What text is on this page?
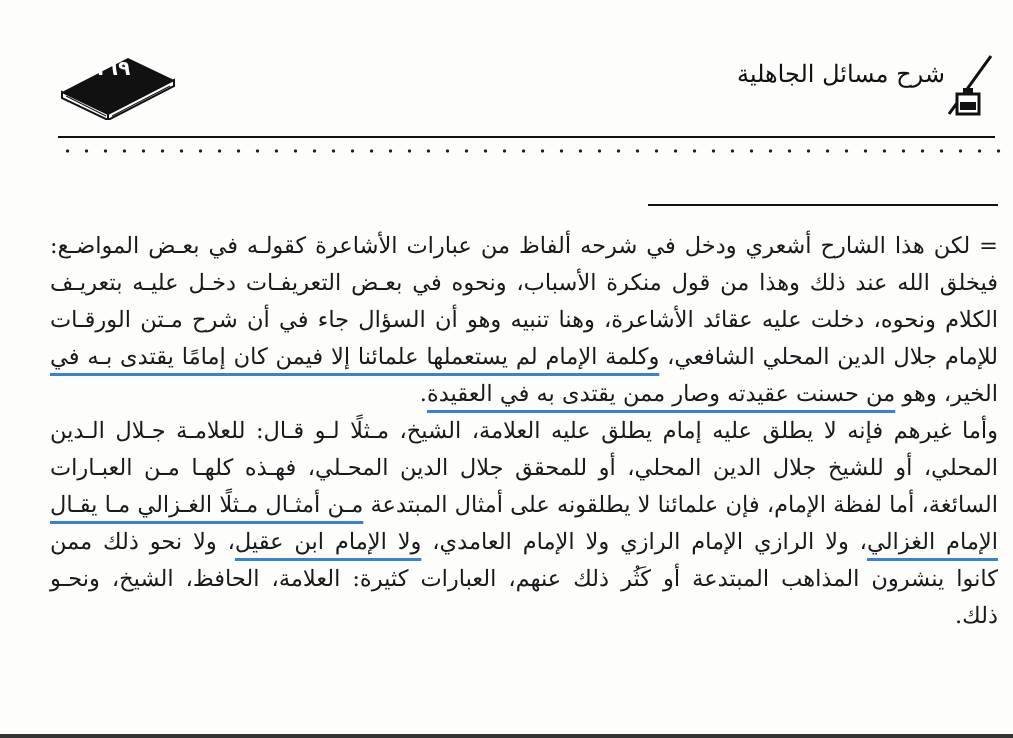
١٦٩	شرح مسائل الجاهلية
= لكن هذا الشارح أشعري ودخل في شرحه ألفاظ من عبارات الأشاعرة كقولـه في بعـض المواضـع:
فيخلق الله عند ذلك وهذا من قول منكرة الأسباب، ونحوه في بعـض التعريفـات دخـل عليـه بتعريـف
الكلام ونحوه، دخلت عليه عقائد الأشاعرة، وهنا تنبيه وهو أن السؤال جاء في أن شرح مـتن الورقـات
للإمام جلال الدين المحلي الشافعي، وكلمة الإمام لم يستعملها علمائنا إلا فيمن كان إمامًا يقتدى بـه في
الخير، وهو من حسنت عقيدته وصار ممن يقتدى به في العقيدة.
وأما غيرهم فإنه لا يطلق عليه إمام يطلق عليه العلامة، الشيخ، مـثلًا لـو قـال: للعلامـة جـلال الـدين
المحلي، أو للشيخ جلال الدين المحلي، أو للمحقق جلال الدين المحـلي، فهـذه كلهـا مـن العبـارات
السائغة، أما لفظة الإمام، فإن علمائنا لا يطلقونه على أمثال المبتدعة مـن أمثـال مـثلًا الغـزالي مـا يقـال
الإمام الغزالي، ولا الرازي الإمام الرازي ولا الإمام العامدي، ولا الإمام ابن عقيل، ولا نحو ذلك ممن
كانوا ينشرون المذاهب المبتدعة أو كَثُر ذلك عنهم، العبارات كثيرة: العلامة، الحافظ، الشيخ، ونحـو
ذلك.
